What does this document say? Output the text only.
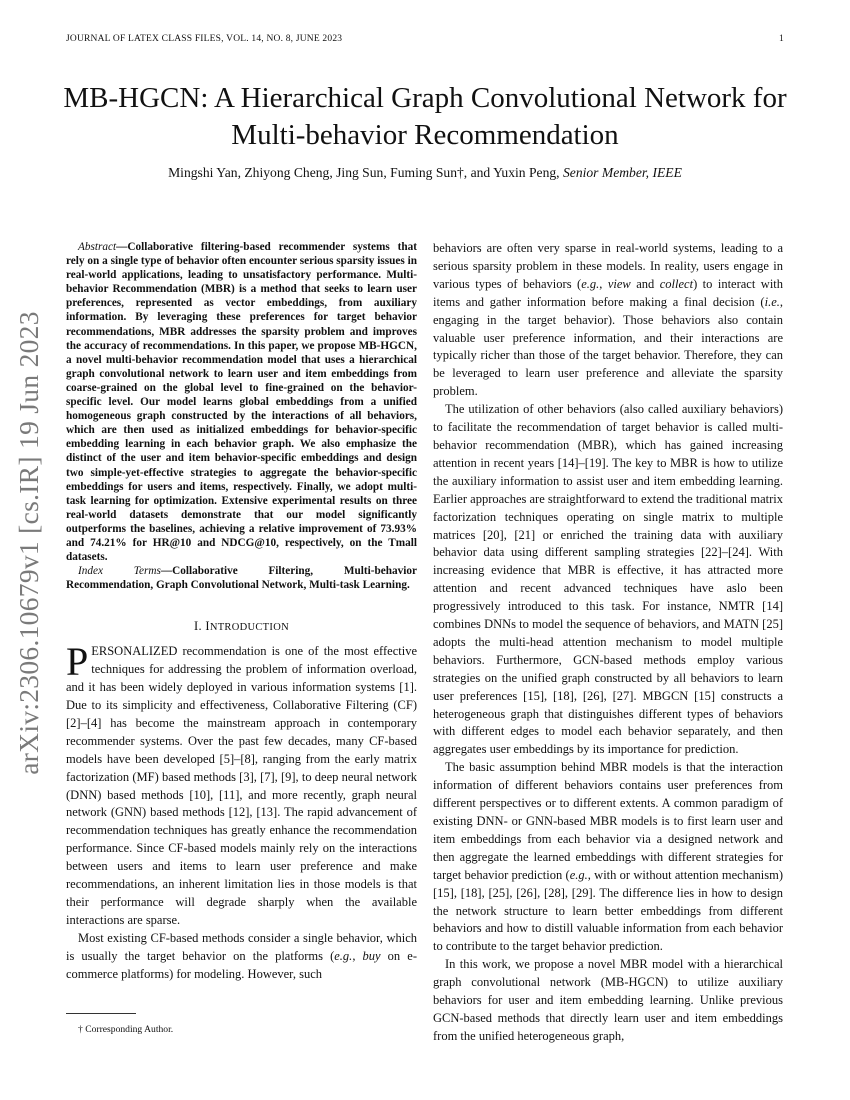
JOURNAL OF LATEX CLASS FILES, VOL. 14, NO. 8, JUNE 2023	1
arXiv:2306.10679v1 [cs.IR] 19 Jun 2023
MB-HGCN: A Hierarchical Graph Convolutional Network for Multi-behavior Recommendation
Mingshi Yan, Zhiyong Cheng, Jing Sun, Fuming Sun†, and Yuxin Peng, Senior Member, IEEE

Abstract—Collaborative filtering-based recommender systems that rely on a single type of behavior often encounter serious sparsity issues in real-world applications, leading to unsatisfactory performance. Multi-behavior Recommendation (MBR) is a method that seeks to learn user preferences, represented as vector embeddings, from auxiliary information. By leveraging these preferences for target behavior recommendations, MBR addresses the sparsity problem and improves the accuracy of recommendations. In this paper, we propose MB-HGCN, a novel multi-behavior recommendation model that uses a hierarchical graph convolutional network to learn user and item embeddings from coarse-grained on the global level to fine-grained on the behavior-specific level. Our model learns global embeddings from a unified homogeneous graph constructed by the interactions of all behaviors, which are then used as initialized embeddings for behavior-specific embedding learning in each behavior graph. We also emphasize the distinct of the user and item behavior-specific embeddings and design two simple-yet-effective strategies to aggregate the behavior-specific embeddings for users and items, respectively. Finally, we adopt multi-task learning for optimization. Extensive experimental results on three real-world datasets demonstrate that our model significantly outperforms the baselines, achieving a relative improvement of 73.93% and 74.21% for HR@10 and NDCG@10, respectively, on the Tmall datasets.

Index Terms—Collaborative Filtering, Multi-behavior Recommendation, Graph Convolutional Network, Multi-task Learning.

I. INTRODUCTION

PERSONALIZED recommendation is one of the most effective techniques for addressing the problem of information overload, and it has been widely deployed in various information systems [1]. Due to its simplicity and effectiveness, Collaborative Filtering (CF) [2]–[4] has become the mainstream approach in contemporary recommender systems. Over the past few decades, many CF-based models have been developed [5]–[8], ranging from the early matrix factorization (MF) based methods [3], [7], [9], to deep neural network (DNN) based methods [10], [11], and more recently, graph neural network (GNN) based methods [12], [13]. The rapid advancement of recommendation techniques has greatly enhance the recommendation performance. Since CF-based models mainly rely on the interactions between users and items to learn user preference and make recommendations, an inherent limitation lies in those models is that their performance will degrade sharply when the available interactions are sparse.

Most existing CF-based methods consider a single behavior, which is usually the target behavior on the platforms (e.g., buy on e-commerce platforms) for modeling. However, such

behaviors are often very sparse in real-world systems, leading to a serious sparsity problem in these models. In reality, users engage in various types of behaviors (e.g., view and collect) to interact with items and gather information before making a final decision (i.e., engaging in the target behavior). Those behaviors also contain valuable user preference information, and their interactions are typically richer than those of the target behavior. Therefore, they can be leveraged to learn user preference and alleviate the sparsity problem.

The utilization of other behaviors (also called auxiliary behaviors) to facilitate the recommendation of target behavior is called multi-behavior recommendation (MBR), which has gained increasing attention in recent years [14]–[19]. The key to MBR is how to utilize the auxiliary information to assist user and item embedding learning. Earlier approaches are straightforward to extend the traditional matrix factorization techniques operating on single matrix to multiple matrices [20], [21] or enriched the training data with auxiliary behavior data using different sampling strategies [22]–[24]. With increasing evidence that MBR is effective, it has attracted more attention and recent advanced techniques have aslo been progressively introduced to this task. For instance, NMTR [14] combines DNNs to model the sequence of behaviors, and MATN [25] adopts the multi-head attention mechanism to model multiple behaviors. Furthermore, GCN-based methods employ various strategies on the unified graph constructed by all behaviors to learn user preferences [15], [18], [26], [27]. MBGCN [15] constructs a heterogeneous graph that distinguishes different types of behaviors with different edges to model each behavior separately, and then aggregates user embeddings by its importance for prediction.

The basic assumption behind MBR models is that the interaction information of different behaviors contains user preferences from different perspectives or to different extents. A common paradigm of existing DNN- or GNN-based MBR models is to first learn user and item embeddings from each behavior via a designed network and then aggregate the learned embeddings with different strategies for target behavior prediction (e.g., with or without attention mechanism) [15], [18], [25], [26], [28], [29]. The difference lies in how to design the network structure to learn better embeddings from different behaviors and how to distill valuable information from each behavior to contribute to the target behavior prediction.

In this work, we propose a novel MBR model with a hierarchical graph convolutional network (MB-HGCN) to utilize auxiliary behaviors for user and item embedding learning. Unlike previous GCN-based methods that directly learn user and item embeddings from the unified heterogeneous graph,

† Corresponding Author.
